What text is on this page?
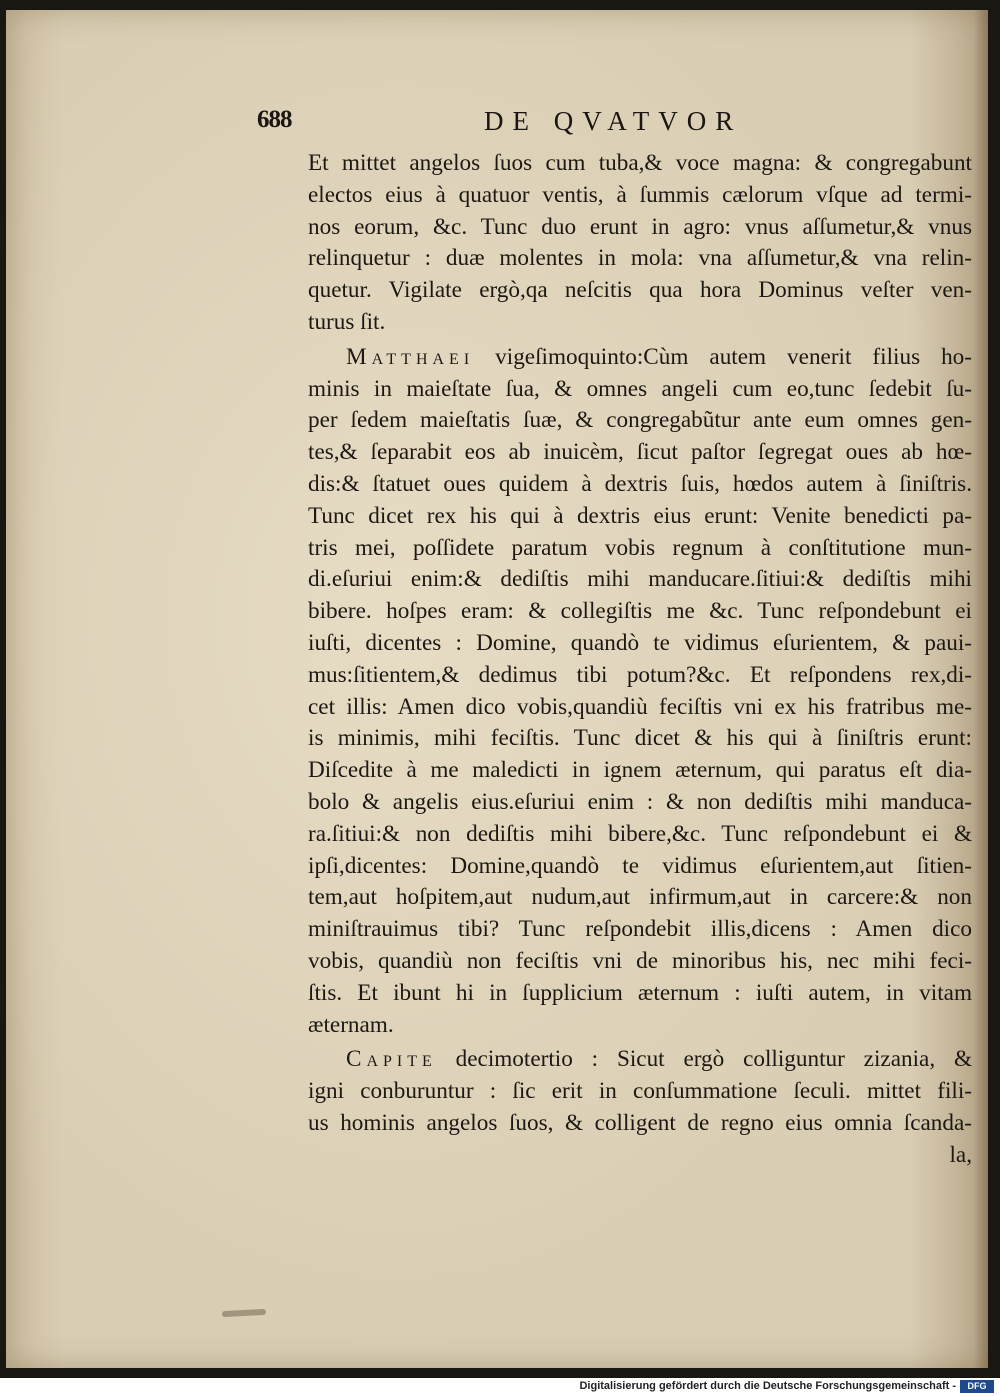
688	DE QVATVOR
Et mittet angelos ſuos cum tuba,& voce magna: & congregabunt
electos eius à quatuor ventis, à ſummis cælorum vſque ad termi-
nos eorum, &c. Tunc duo erunt in agro: vnus aſſumetur,& vnus
relinquetur : duæ molentes in mola: vna aſſumetur,& vna relin-
quetur. Vigilate ergò,qa neſcitis qua hora Dominus veſter ven-
turus ſit.
Matthaei vigeſimoquinto:Cùm autem venerit filius ho-
minis in maieſtate ſua, & omnes angeli cum eo,tunc ſedebit ſu-
per ſedem maieſtatis ſuæ, & congregabũtur ante eum omnes gen-
tes,& ſeparabit eos ab inuicèm, ſicut paſtor ſegregat oues ab hœ-
dis:& ſtatuet oues quidem à dextris ſuis, hœdos autem à ſiniſtris.
Tunc dicet rex his qui à dextris eius erunt: Venite benedicti pa-
tris mei, poſſidete paratum vobis regnum à conſtitutione mun-
di.eſuriui enim:& dediſtis mihi manducare.ſitiui:& dediſtis mihi
bibere. hoſpes eram: & collegiſtis me &c. Tunc reſpondebunt ei
iuſti, dicentes : Domine, quandò te vidimus eſurientem, & paui-
mus:ſitientem,& dedimus tibi potum?&c. Et reſpondens rex,di-
cet illis: Amen dico vobis,quandiù feciſtis vni ex his fratribus me-
is minimis, mihi feciſtis. Tunc dicet & his qui à ſiniſtris erunt:
Diſcedite à me maledicti in ignem æternum, qui paratus eſt dia-
bolo & angelis eius.eſuriui enim : & non dediſtis mihi manduca-
ra.ſitiui:& non dediſtis mihi bibere,&c. Tunc reſpondebunt ei &
ipſi,dicentes: Domine,quandò te vidimus eſurientem,aut ſitien-
tem,aut hoſpitem,aut nudum,aut infirmum,aut in carcere:& non
miniſtrauimus tibi? Tunc reſpondebit illis,dicens : Amen dico
vobis, quandiù non feciſtis vni de minoribus his, nec mihi feci-
ſtis. Et ibunt hi in ſupplicium æternum : iuſti autem, in vitam
æternam.
Capite decimotertio : Sicut ergò colliguntur zizania, &
igni conburuntur : ſic erit in conſummatione ſeculi. mittet fili-
us hominis angelos ſuos, & colligent de regno eius omnia ſcanda-
la,
Digitalisierung gefördert durch die Deutsche Forschungsgemeinschaft -	DFG
